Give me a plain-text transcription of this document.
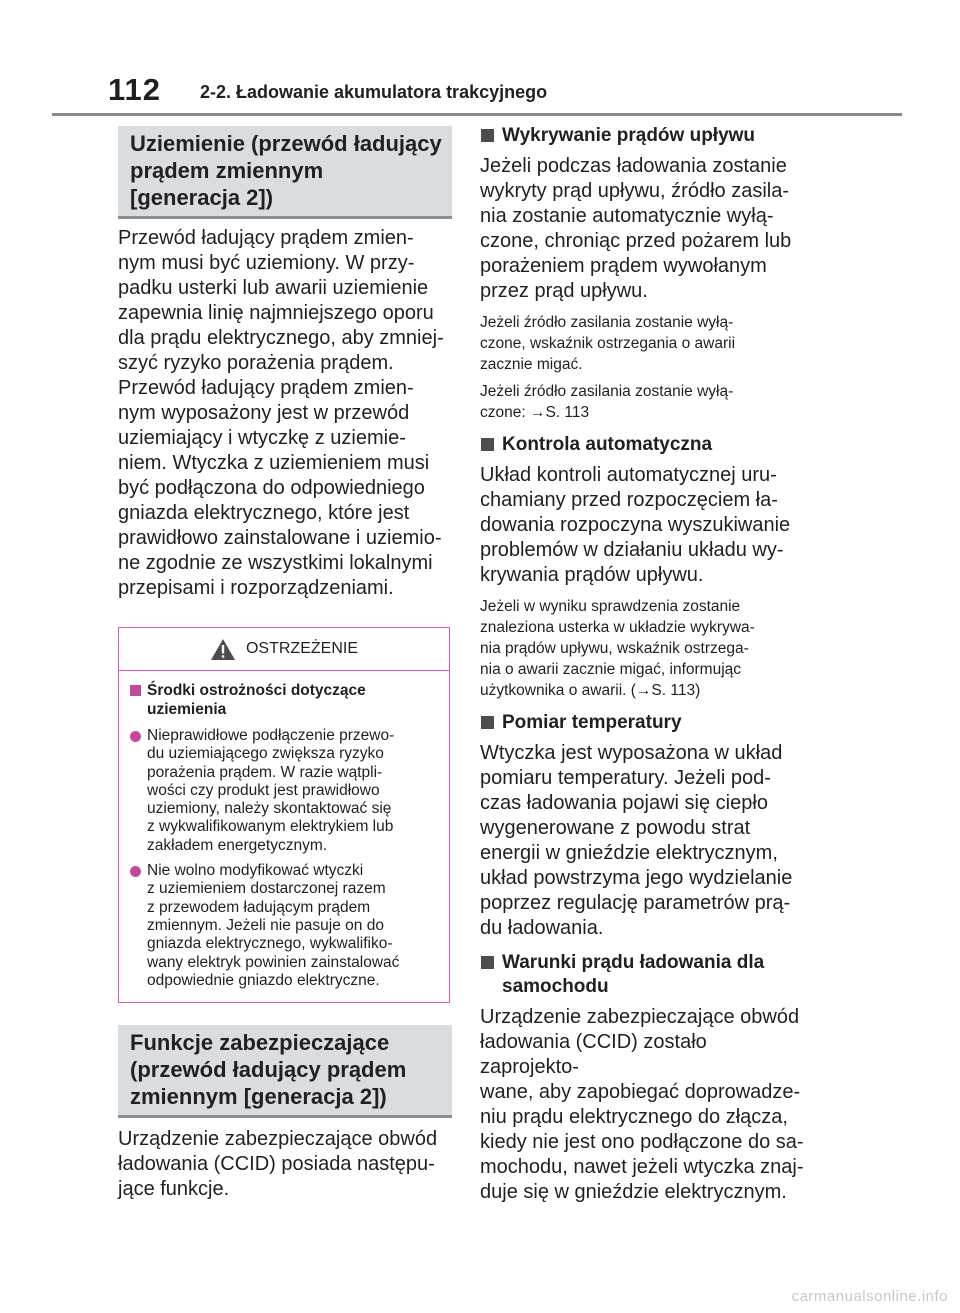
112 2-2. Ładowanie akumulatora trakcyjnego
Uziemienie (przewód ładujący
prądem zmiennym
[generacja 2])
Przewód ładujący prądem zmien-
nym musi być uziemiony. W przy-
padku usterki lub awarii uziemienie
zapewnia linię najmniejszego oporu
dla prądu elektrycznego, aby zmniej-
szyć ryzyko porażenia prądem.
Przewód ładujący prądem zmien-
nym wyposażony jest w przewód
uziemiający i wtyczkę z uziemie-
niem. Wtyczka z uziemieniem musi
być podłączona do odpowiedniego
gniazda elektrycznego, które jest
prawidłowo zainstalowane i uziemio-
ne zgodnie ze wszystkimi lokalnymi
przepisami i rozporządzeniami.
OSTRZEŻENIE
Środki ostrożności dotyczące
uziemienia
Nieprawidłowe podłączenie przewo-
du uziemiającego zwiększa ryzyko
porażenia prądem. W razie wątpli-
wości czy produkt jest prawidłowo
uziemiony, należy skontaktować się
z wykwalifikowanym elektrykiem lub
zakładem energetycznym.
Nie wolno modyfikować wtyczki
z uziemieniem dostarczonej razem
z przewodem ładującym prądem
zmiennym. Jeżeli nie pasuje on do
gniazda elektrycznego, wykwalifiko-
wany elektryk powinien zainstalować
odpowiednie gniazdo elektryczne.
Funkcje zabezpieczające
(przewód ładujący prądem
zmiennym [generacja 2])
Urządzenie zabezpieczające obwód
ładowania (CCID) posiada następu-
jące funkcje.
Wykrywanie prądów upływu
Jeżeli podczas ładowania zostanie
wykryty prąd upływu, źródło zasila-
nia zostanie automatycznie wyłą-
czone, chroniąc przed pożarem lub
porażeniem prądem wywołanym
przez prąd upływu.
Jeżeli źródło zasilania zostanie wyłą-
czone, wskaźnik ostrzegania o awarii
zacznie migać.
Jeżeli źródło zasilania zostanie wyłą-
czone: →S. 113
Kontrola automatyczna
Układ kontroli automatycznej uru-
chamiany przed rozpoczęciem ła-
dowania rozpoczyna wyszukiwanie
problemów w działaniu układu wy-
krywania prądów upływu.
Jeżeli w wyniku sprawdzenia zostanie
znaleziona usterka w układzie wykrywa-
nia prądów upływu, wskaźnik ostrzega-
nia o awarii zacznie migać, informując
użytkownika o awarii. (→S. 113)
Pomiar temperatury
Wtyczka jest wyposażona w układ
pomiaru temperatury. Jeżeli pod-
czas ładowania pojawi się ciepło
wygenerowane z powodu strat
energii w gnieździe elektrycznym,
układ powstrzyma jego wydzielanie
poprzez regulację parametrów prą-
du ładowania.
Warunki prądu ładowania dla
samochodu
Urządzenie zabezpieczające obwód
ładowania (CCID) zostało zaprojekto-
wane, aby zapobiegać doprowadze-
niu prądu elektrycznego do złącza,
kiedy nie jest ono podłączone do sa-
mochodu, nawet jeżeli wtyczka znaj-
duje się w gnieździe elektrycznym.
carmanualsonline.info
